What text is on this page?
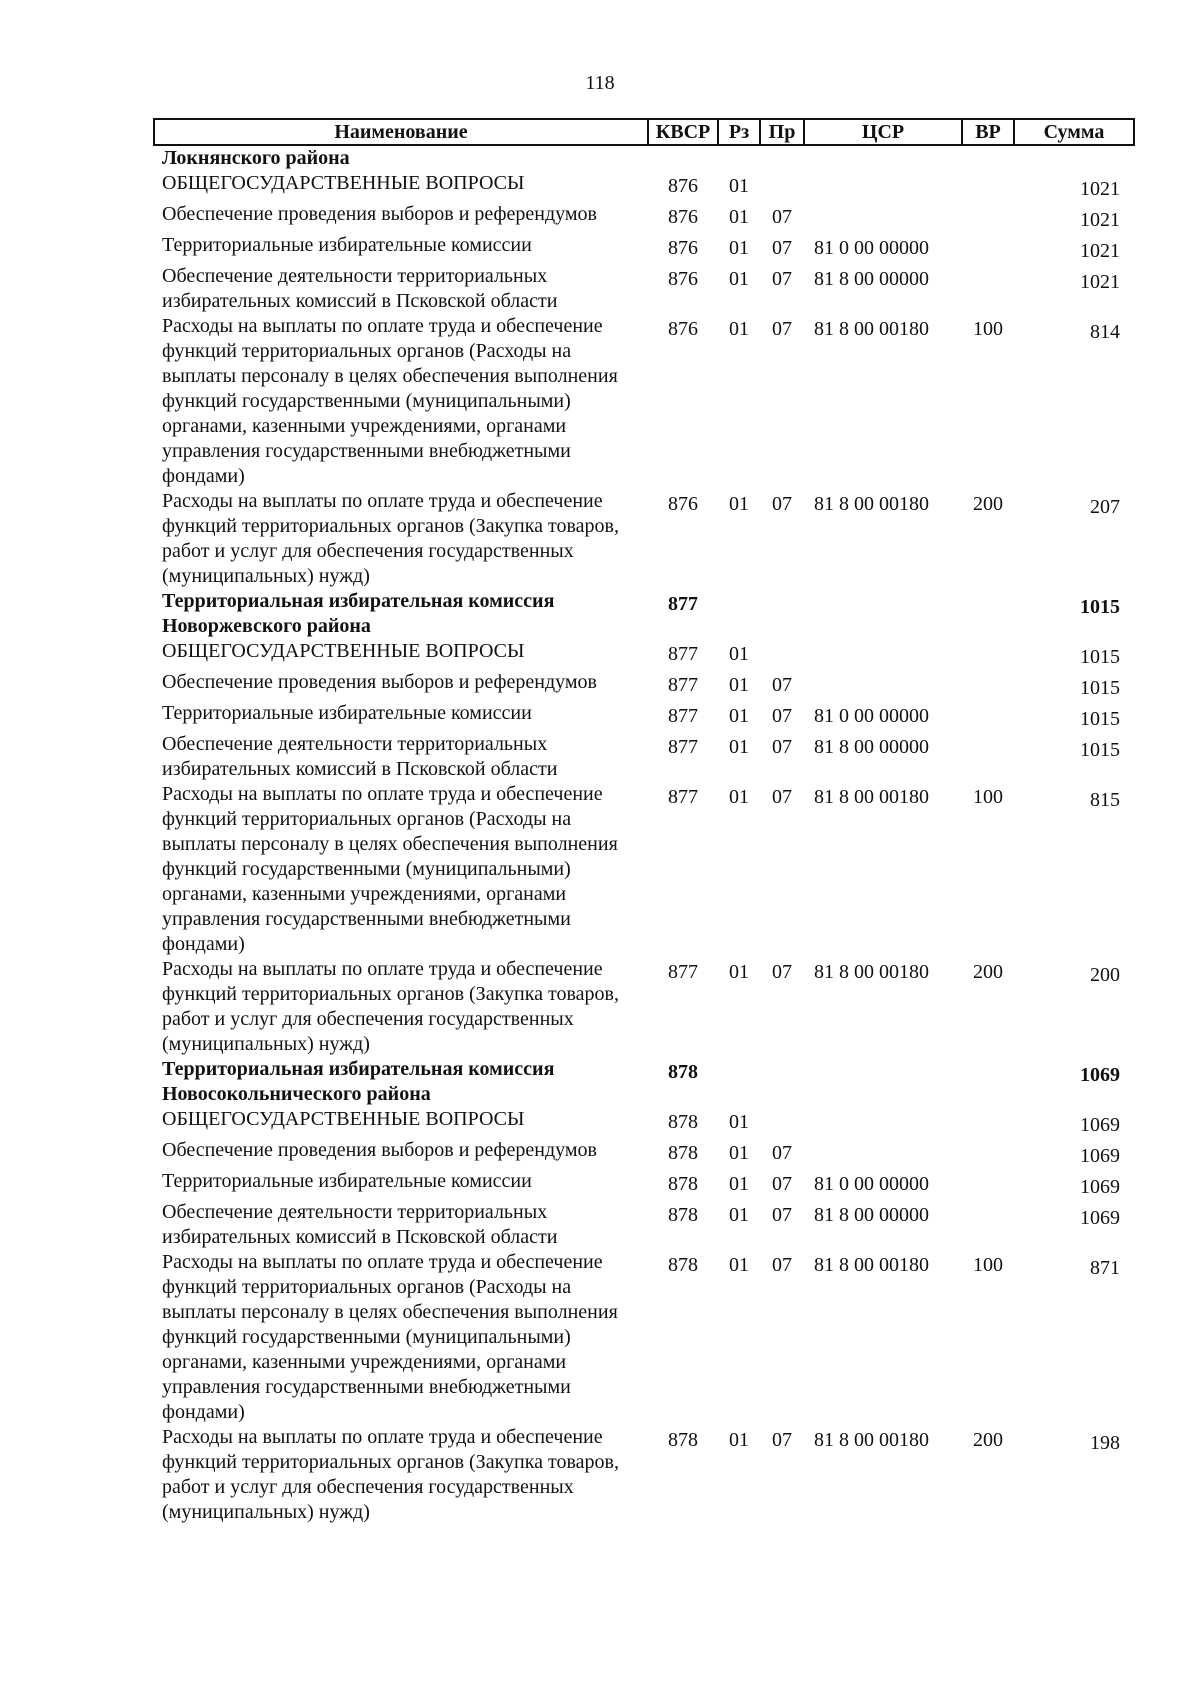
118
Наименование	КВСР	Рз	Пр	ЦСР	ВР	Сумма
Локнянского района						
ОБЩЕГОСУДАРСТВЕННЫЕ ВОПРОСЫ	876	01				1021
Обеспечение проведения выборов и референдумов	876	01	07			1021
Территориальные избирательные комиссии	876	01	07	81 0 00 00000		1021
Обеспечение деятельности территориальных избирательных комиссий в Псковской области	876	01	07	81 8 00 00000		1021
Расходы на выплаты по оплате труда и обеспечение функций территориальных органов (Расходы на выплаты персоналу в целях обеспечения выполнения функций государственными (муниципальными) органами, казенными учреждениями, органами управления государственными внебюджетными фондами)	876	01	07	81 8 00 00180	100	814
Расходы на выплаты по оплате труда и обеспечение функций территориальных органов (Закупка товаров, работ и услуг для обеспечения государственных (муниципальных) нужд)	876	01	07	81 8 00 00180	200	207
Территориальная избирательная комиссия Новоржевского района	877					1015
ОБЩЕГОСУДАРСТВЕННЫЕ ВОПРОСЫ	877	01				1015
Обеспечение проведения выборов и референдумов	877	01	07			1015
Территориальные избирательные комиссии	877	01	07	81 0 00 00000		1015
Обеспечение деятельности территориальных избирательных комиссий в Псковской области	877	01	07	81 8 00 00000		1015
Расходы на выплаты по оплате труда и обеспечение функций территориальных органов (Расходы на выплаты персоналу в целях обеспечения выполнения функций государственными (муниципальными) органами, казенными учреждениями, органами управления государственными внебюджетными фондами)	877	01	07	81 8 00 00180	100	815
Расходы на выплаты по оплате труда и обеспечение функций территориальных органов (Закупка товаров, работ и услуг для обеспечения государственных (муниципальных) нужд)	877	01	07	81 8 00 00180	200	200
Территориальная избирательная комиссия Новосокольнического района	878					1069
ОБЩЕГОСУДАРСТВЕННЫЕ ВОПРОСЫ	878	01				1069
Обеспечение проведения выборов и референдумов	878	01	07			1069
Территориальные избирательные комиссии	878	01	07	81 0 00 00000		1069
Обеспечение деятельности территориальных избирательных комиссий в Псковской области	878	01	07	81 8 00 00000		1069
Расходы на выплаты по оплате труда и обеспечение функций территориальных органов (Расходы на выплаты персоналу в целях обеспечения выполнения функций государственными (муниципальными) органами, казенными учреждениями, органами управления государственными внебюджетными фондами)	878	01	07	81 8 00 00180	100	871
Расходы на выплаты по оплате труда и обеспечение функций территориальных органов (Закупка товаров, работ и услуг для обеспечения государственных (муниципальных) нужд)	878	01	07	81 8 00 00180	200	198
